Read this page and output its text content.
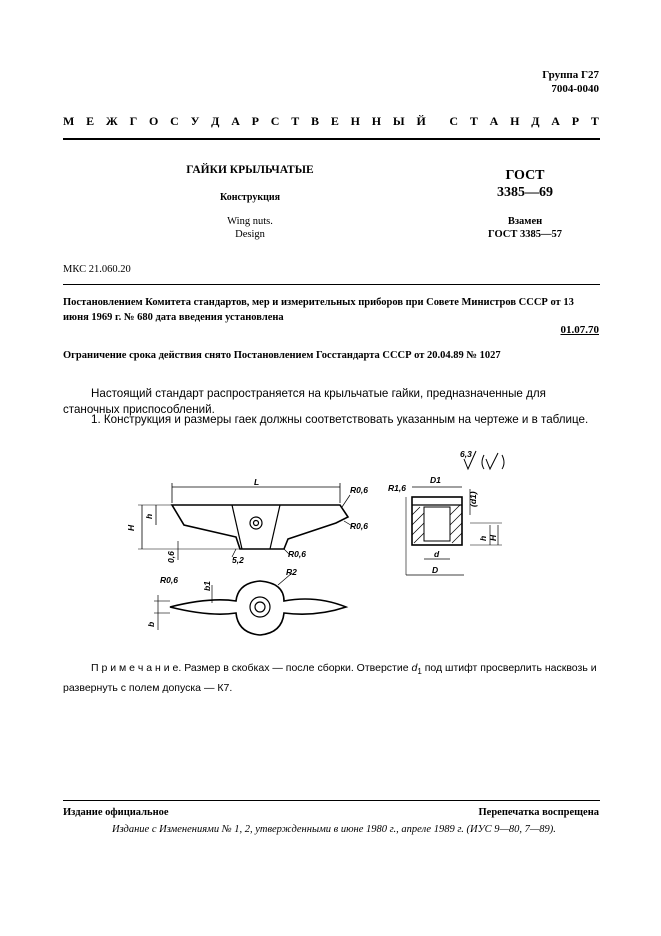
Группа Г27
7004-0040
М Е Ж Г О С У Д А Р С Т В Е Н Н Ы Й С Т А Н Д А Р Т
ГАЙКИ КРЫЛЬЧАТЫЕ
Конструкция
Wing nuts.
Design
ГОСТ
3385—69
Взамен
ГОСТ 3385—57
МКС 21.060.20
Постановлением Комитета стандартов, мер и измерительных приборов при Совете Министров СССР от 13 июня 1969 г. № 680 дата введения установлена
01.07.70
Ограничение срока действия снято Постановлением Госстандарта СССР от 20.04.89 № 1027
Настоящий стандарт распространяется на крыльчатые гайки, предназначенные для станочных приспособлений.
1. Конструкция и размеры гаек должны соответствовать указанным на чертеже и в таблице.
L
H
h
R0,6
R0,6
R0,6
0,6	5,2
R1,6
D1
(d1)
h H
d
D
6,3
R2
R0,6
b1
b
П р и м е ч а н и е. Размер в скобках — после сборки. Отверстие $d_1$ под штифт просверлить насквозь и развернуть с полем допуска — К7.
Издание официальное	Перепечатка воспрещена
Издание с Изменениями № 1, 2, утвержденными в июне 1980 г., апреле 1989 г. (ИУС 9—80, 7—89).
